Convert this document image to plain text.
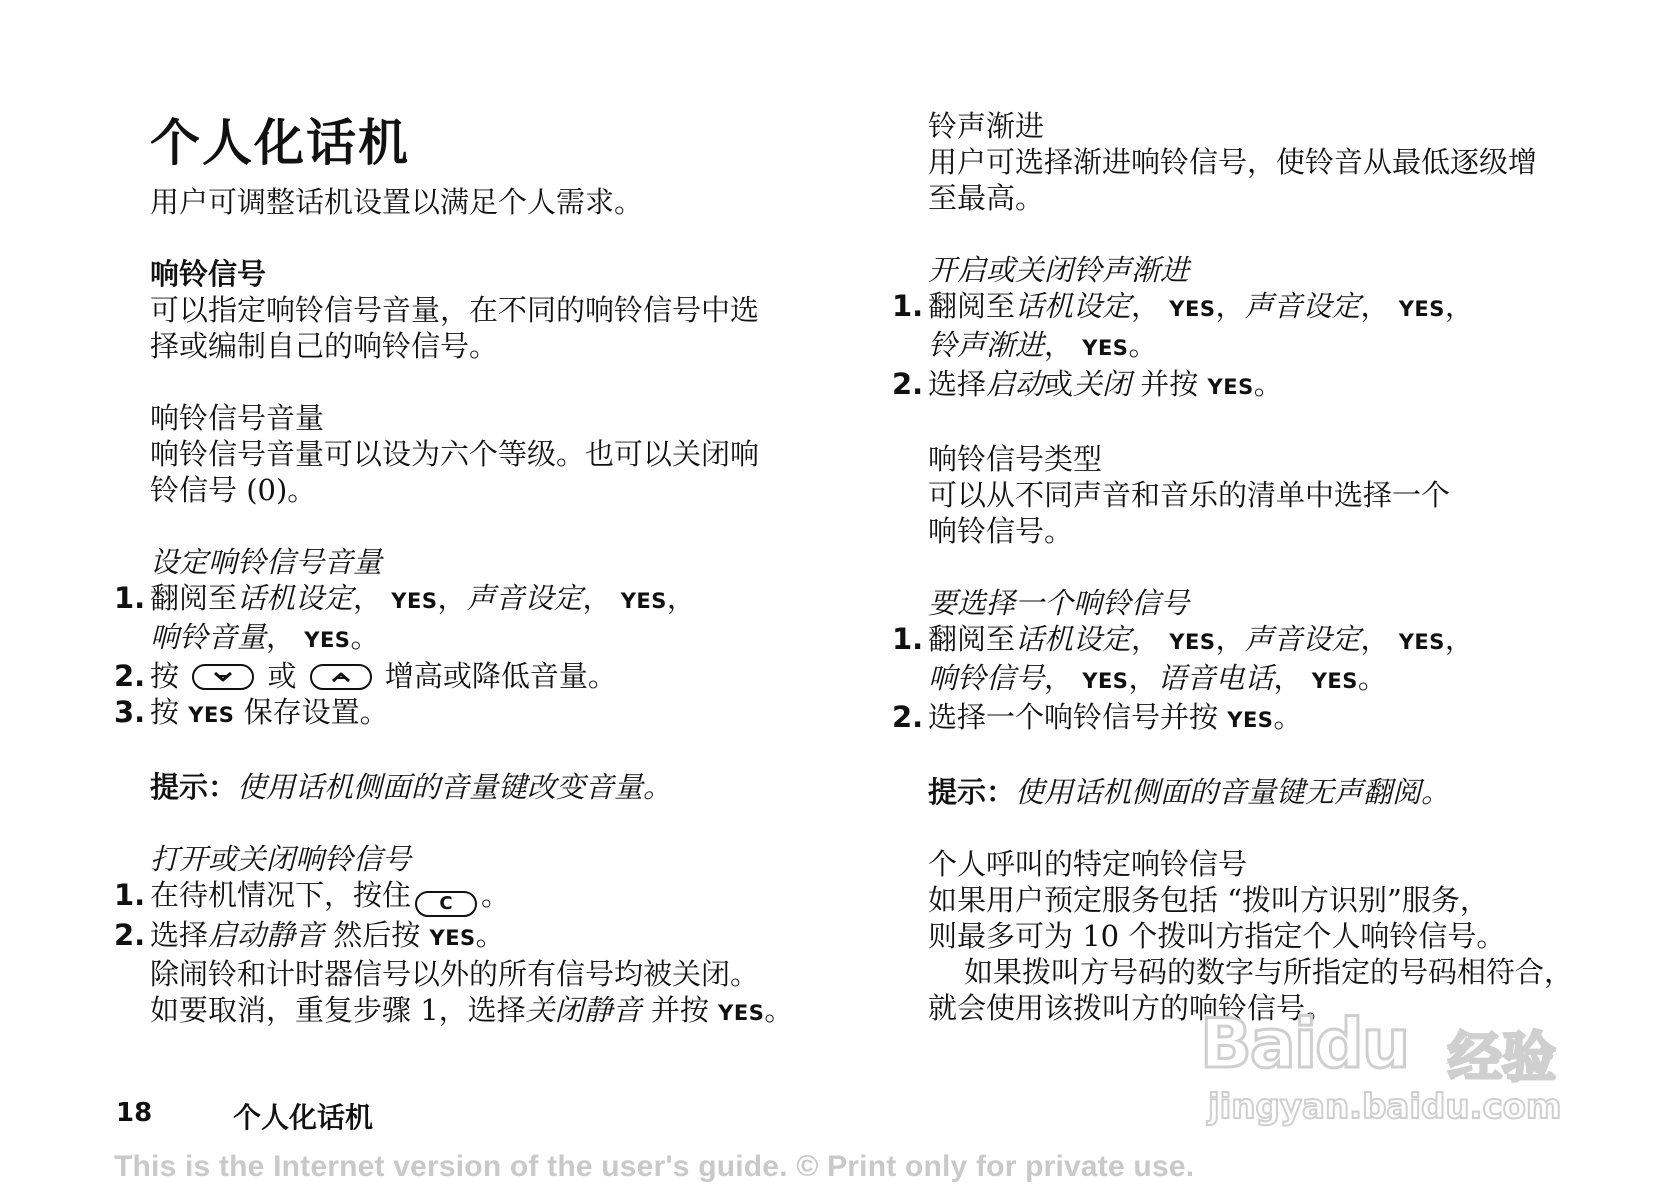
个人化话机

用户可调整话机设置以满足个人需求。

响铃信号

可以指定响铃信号音量，在不同的响铃信号中选

择或编制自己的响铃信号。

响铃信号音量

响铃信号音量可以设为六个等级。也可以关闭响

铃信号 (0)。

设定响铃信号音量

1. 翻阅至话机设定， YES，声音设定， YES，
响铃音量， YES。
2. 按	或	增高或降低音量。
3. 按 YES 保存设置。

提示：使用话机侧面的音量键改变音量。

打开或关闭响铃信号

1. 在待机情况下，按住 C 。
2. 选择启动静音 然后按 YES。
除闹铃和计时器信号以外的所有信号均被关闭。
如要取消，重复步骤 1，选择关闭静音 并按 YES。

铃声渐进

用户可选择渐进响铃信号，使铃音从最低逐级增

至最高。

开启或关闭铃声渐进

1. 翻阅至话机设定， YES，声音设定， YES，
铃声渐进， YES。
2. 选择启动或关闭 并按 YES。

响铃信号类型

可以从不同声音和音乐的清单中选择一个

响铃信号。

要选择一个响铃信号

1. 翻阅至话机设定， YES，声音设定， YES，
响铃信号， YES，语音电话， YES。
2. 选择一个响铃信号并按 YES。

提示：使用话机侧面的音量键无声翻阅。

个人呼叫的特定响铃信号

如果用户预定服务包括 “拨叫方识别”服务，

则最多可为 10 个拨叫方指定个人响铃信号。

如果拨叫方号码的数字与所指定的号码相符合，

就会使用该拨叫方的响铃信号。

18	个人化话机
This is the Internet version of the user's guide. © Print only for private use.
Baidu 经验
jingyan.baidu.com
